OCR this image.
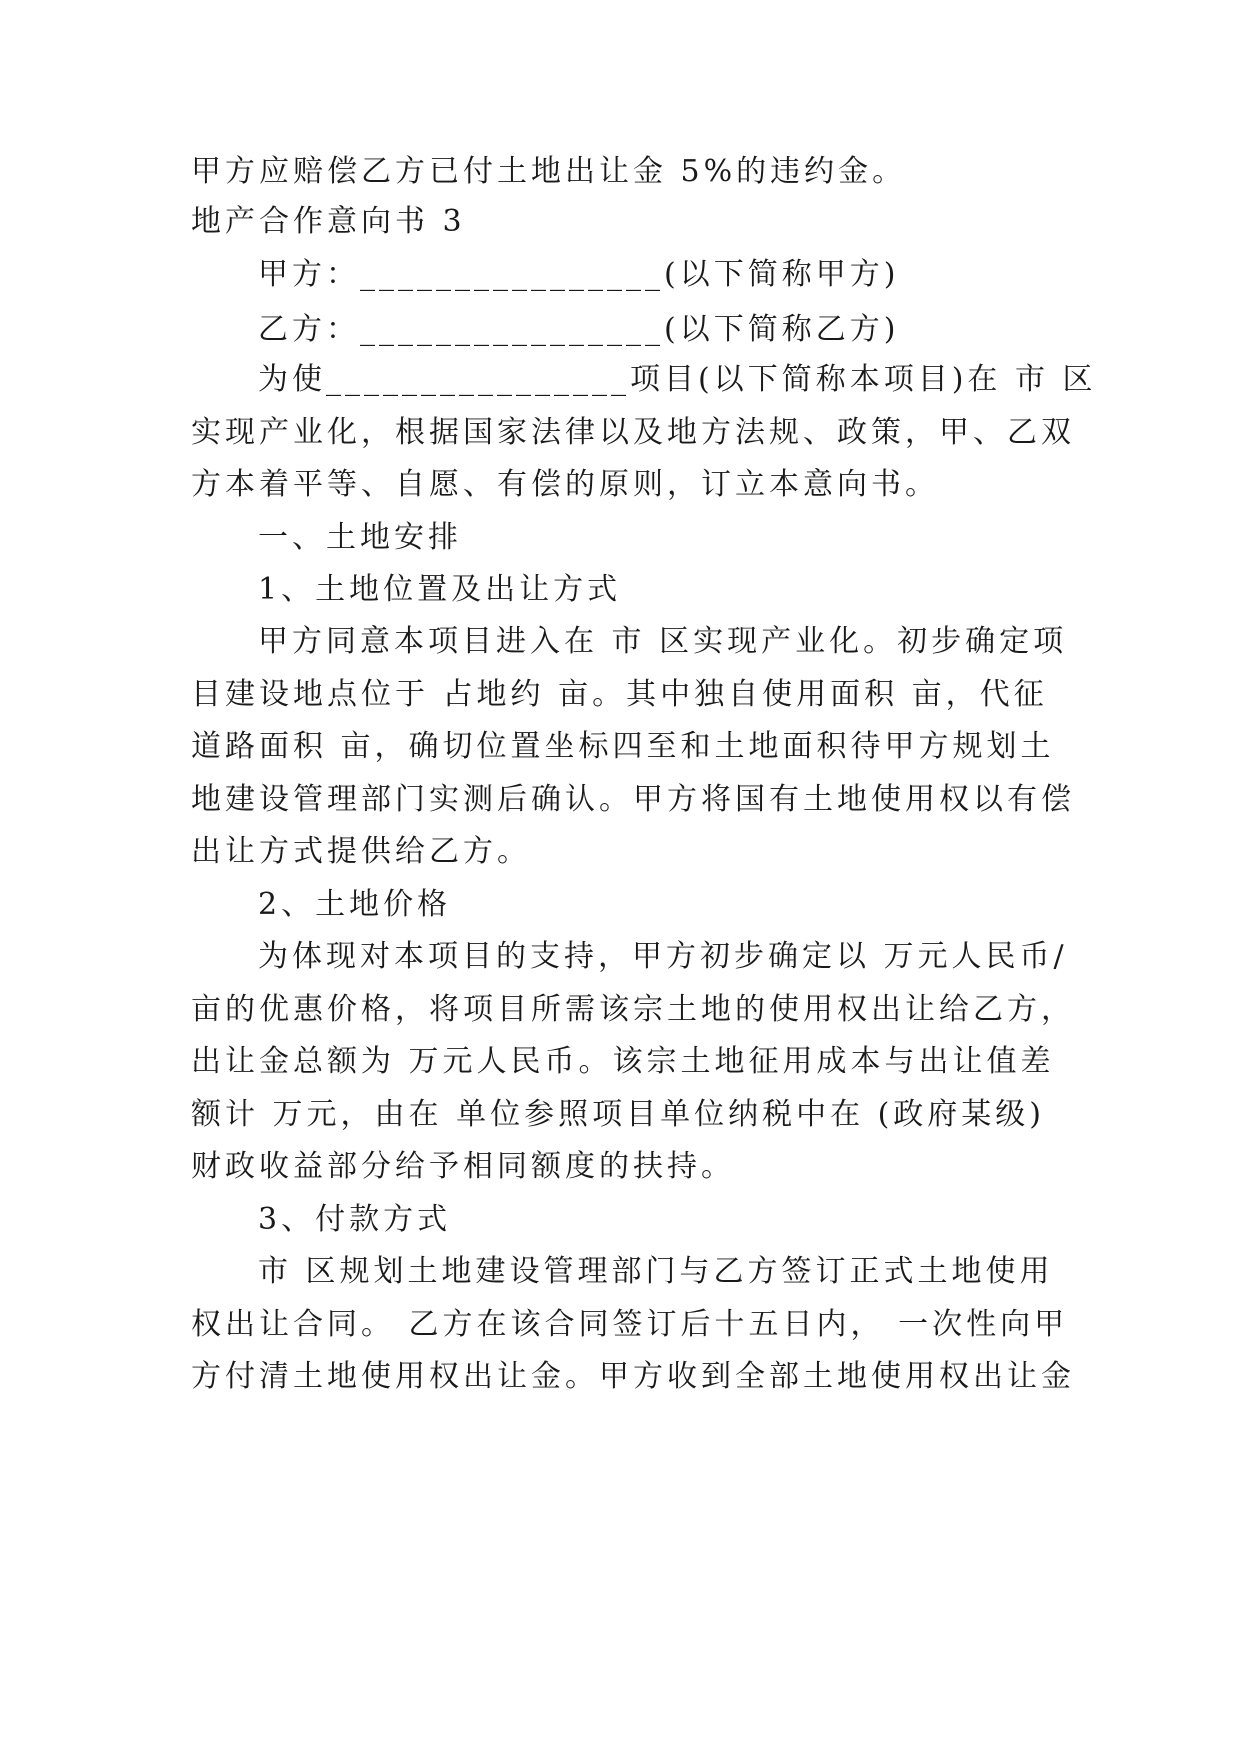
甲方应赔偿乙方已付土地出让金 5%的违约金。
地产合作意向书 3
甲方：________________(以下简称甲方)
乙方：________________(以下简称乙方)
为使________________项目(以下简称本项目)在 市 区
实现产业化，根据国家法律以及地方法规、政策，甲、乙双
方本着平等、自愿、有偿的原则，订立本意向书。
一、土地安排
1、土地位置及出让方式
甲方同意本项目进入在 市 区实现产业化。初步确定项
目建设地点位于 占地约 亩。其中独自使用面积 亩，代征
道路面积 亩，确切位置坐标四至和土地面积待甲方规划土
地建设管理部门实测后确认。甲方将国有土地使用权以有偿
出让方式提供给乙方。
2、土地价格
为体现对本项目的支持，甲方初步确定以 万元人民币/
亩的优惠价格，将项目所需该宗土地的使用权出让给乙方，
出让金总额为 万元人民币。该宗土地征用成本与出让值差
额计 万元，由在 单位参照项目单位纳税中在 (政府某级)
财政收益部分给予相同额度的扶持。
3、付款方式
市 区规划土地建设管理部门与乙方签订正式土地使用
权出让合同。 乙方在该合同签订后十五日内， 一次性向甲
方付清土地使用权出让金。甲方收到全部土地使用权出让金
